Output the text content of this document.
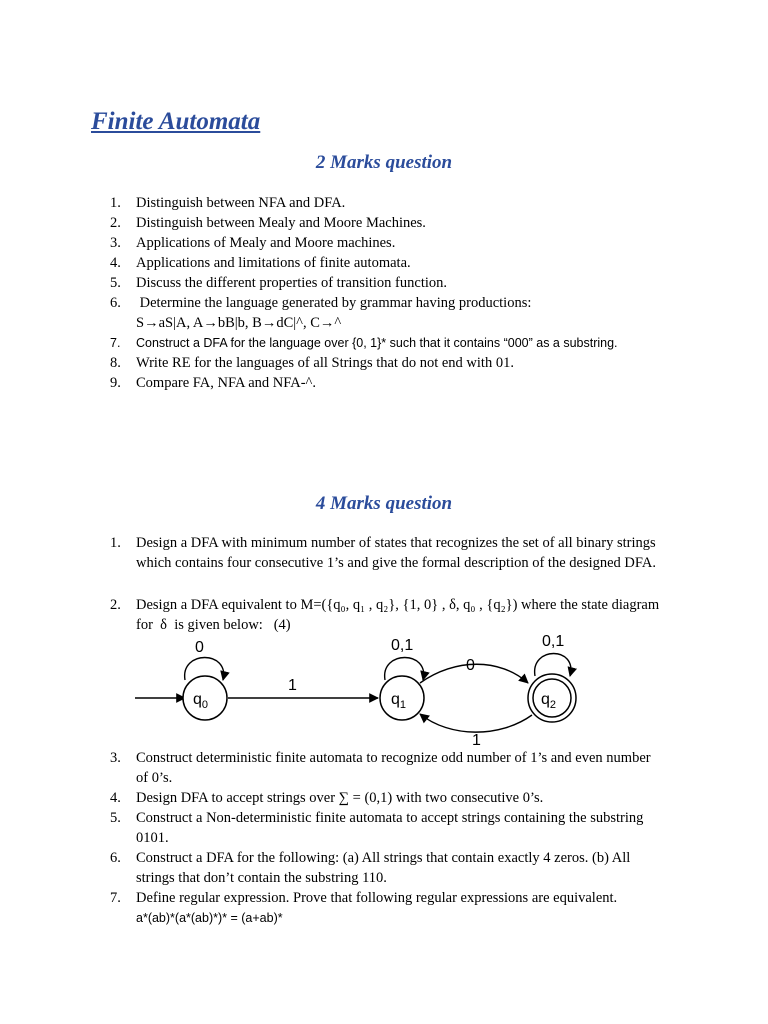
Finite Automata
2 Marks question
1. Distinguish between NFA and DFA.
2. Distinguish between Mealy and Moore Machines.
3. Applications of Mealy and Moore machines.
4. Applications and limitations of finite automata.
5. Discuss the different properties of transition function.
6. Determine the language generated by grammar having productions:
S→aS|A, A→bB|b, B→dC|^, C→^
7. Construct a DFA for the language over {0, 1}* such that it contains “000” as a substring.
8. Write RE for the languages of all Strings that do not end with 01.
9. Compare FA, NFA and NFA-^.
4 Marks question
1. Design a DFA with minimum number of states that recognizes the set of all binary strings
which contains four consecutive 1’s and give the formal description of the designed DFA.
2. Design a DFA equivalent to M=({q₀, q₁ , q₂}, {1, 0} , δ, q₀ , {q₂}) where the state diagram
for  δ  is given below:   (4)
0
1
0,1
0
1
0,1
$q_0$	$q_1$	$q_2$
3. Construct deterministic finite automata to recognize odd number of 1’s and even number
of 0’s.
4. Design DFA to accept strings over ∑ = (0,1) with two consecutive 0’s.
5. Construct a Non-deterministic finite automata to accept strings containing the substring
0101.
6. Construct a DFA for the following: (a) All strings that contain exactly 4 zeros. (b) All
strings that don’t contain the substring 110.
7. Define regular expression. Prove that following regular expressions are equivalent.
a*(ab)*(a*(ab)*)* = (a+ab)*
